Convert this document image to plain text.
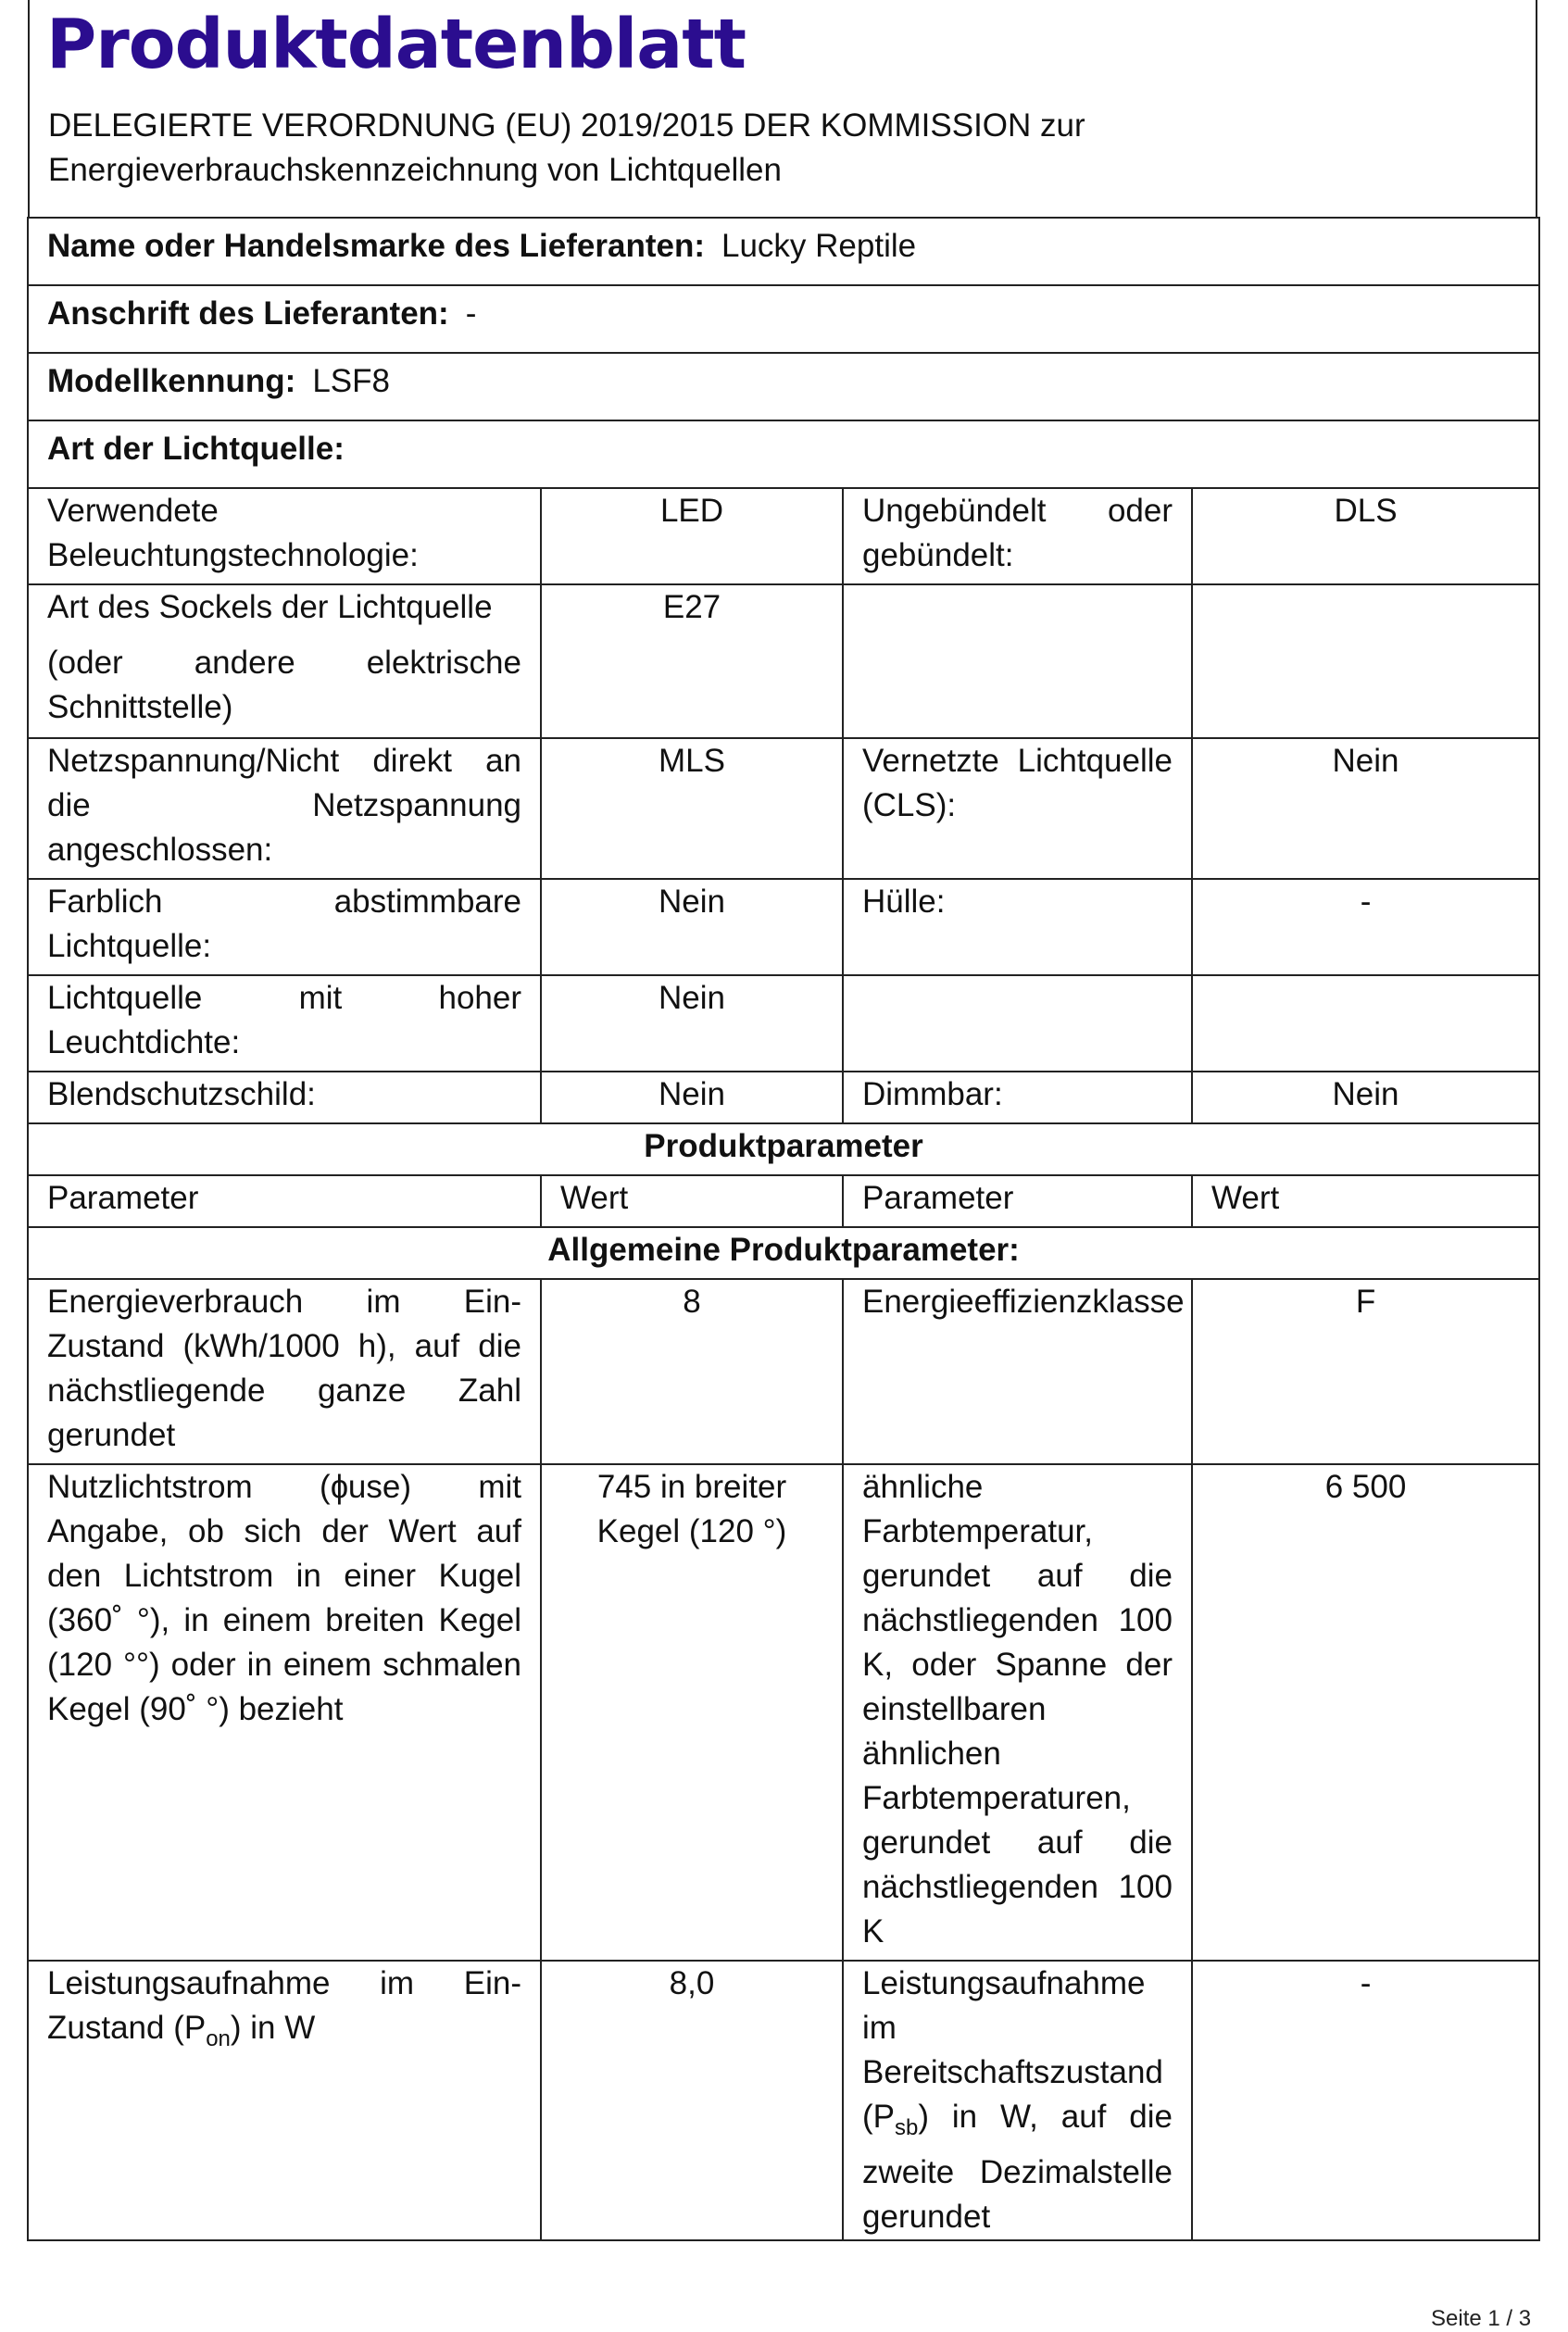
Produktdatenblatt

DELEGIERTE VERORDNUNG (EU) 2019/2015 DER KOMMISSION zur
Energieverbrauchskennzeichnung von Lichtquellen

Name oder Handelsmarke des Lieferanten: Lucky Reptile			
Anschrift des Lieferanten: -			
Modellkennung: LSF8			
Art der Lichtquelle:			
Verwendete Beleuchtungstechnologie:	LED	Ungebündelt oder gebündelt:	DLS
Art des Sockels der Lichtquelle
(oder andere elektrische Schnittstelle)	E27		
Netzspannung/Nicht direkt an die Netzspannung angeschlossen:	MLS	Vernetzte Lichtquelle (CLS):	Nein
Farblich abstimmbare Lichtquelle:	Nein	Hülle:	-
Lichtquelle mit hoher Leuchtdichte:	Nein		
Blendschutzschild:	Nein	Dimmbar:	Nein
Produktparameter			
Parameter	Wert	Parameter	Wert
Allgemeine Produktparameter:			
Energieverbrauch im Ein-Zustand (kWh/1000 h), auf die nächstliegende ganze Zahl gerundet	8	Energieeffizienzklasse	F
Nutzlichtstrom (ɸuse) mit Angabe, ob sich der Wert auf den Lichtstrom in einer Kugel (360˚ °), in einem breiten Kegel (120 °°) oder in einem schmalen Kegel (90˚ °) bezieht	745 in breiter Kegel (120 °)	ähnliche Farbtemperatur, gerundet auf die nächstliegenden 100 K, oder Spanne der einstellbaren ähnlichen Farbtemperaturen, gerundet auf die nächstliegenden 100 K	6 500
Leistungsaufnahme im Ein-Zustand $(P_{on})$ in W	8,0	Leistungsaufnahme im Bereitschaftszustand $(P_{sb})$ in W, auf die zweite Dezimalstelle gerundet	-
Seite 1 / 3
